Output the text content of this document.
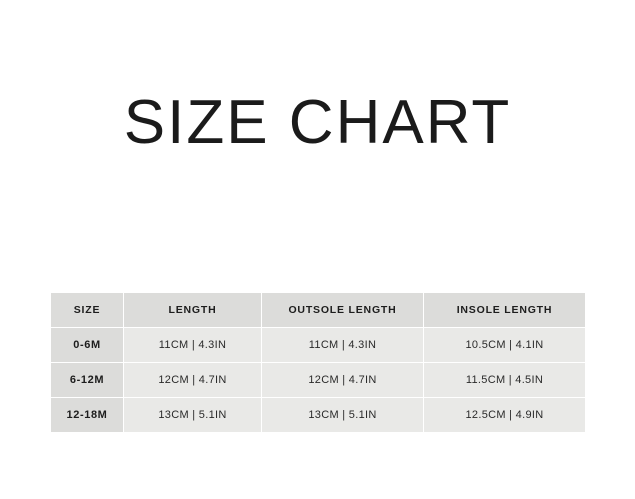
SIZE CHART
SIZE	LENGTH	OUTSOLE LENGTH	INSOLE LENGTH
0-6M	11CM | 4.3IN	11CM | 4.3IN	10.5CM | 4.1IN
6-12M	12CM | 4.7IN	12CM | 4.7IN	11.5CM | 4.5IN
12-18M	13CM | 5.1IN	13CM | 5.1IN	12.5CM | 4.9IN
